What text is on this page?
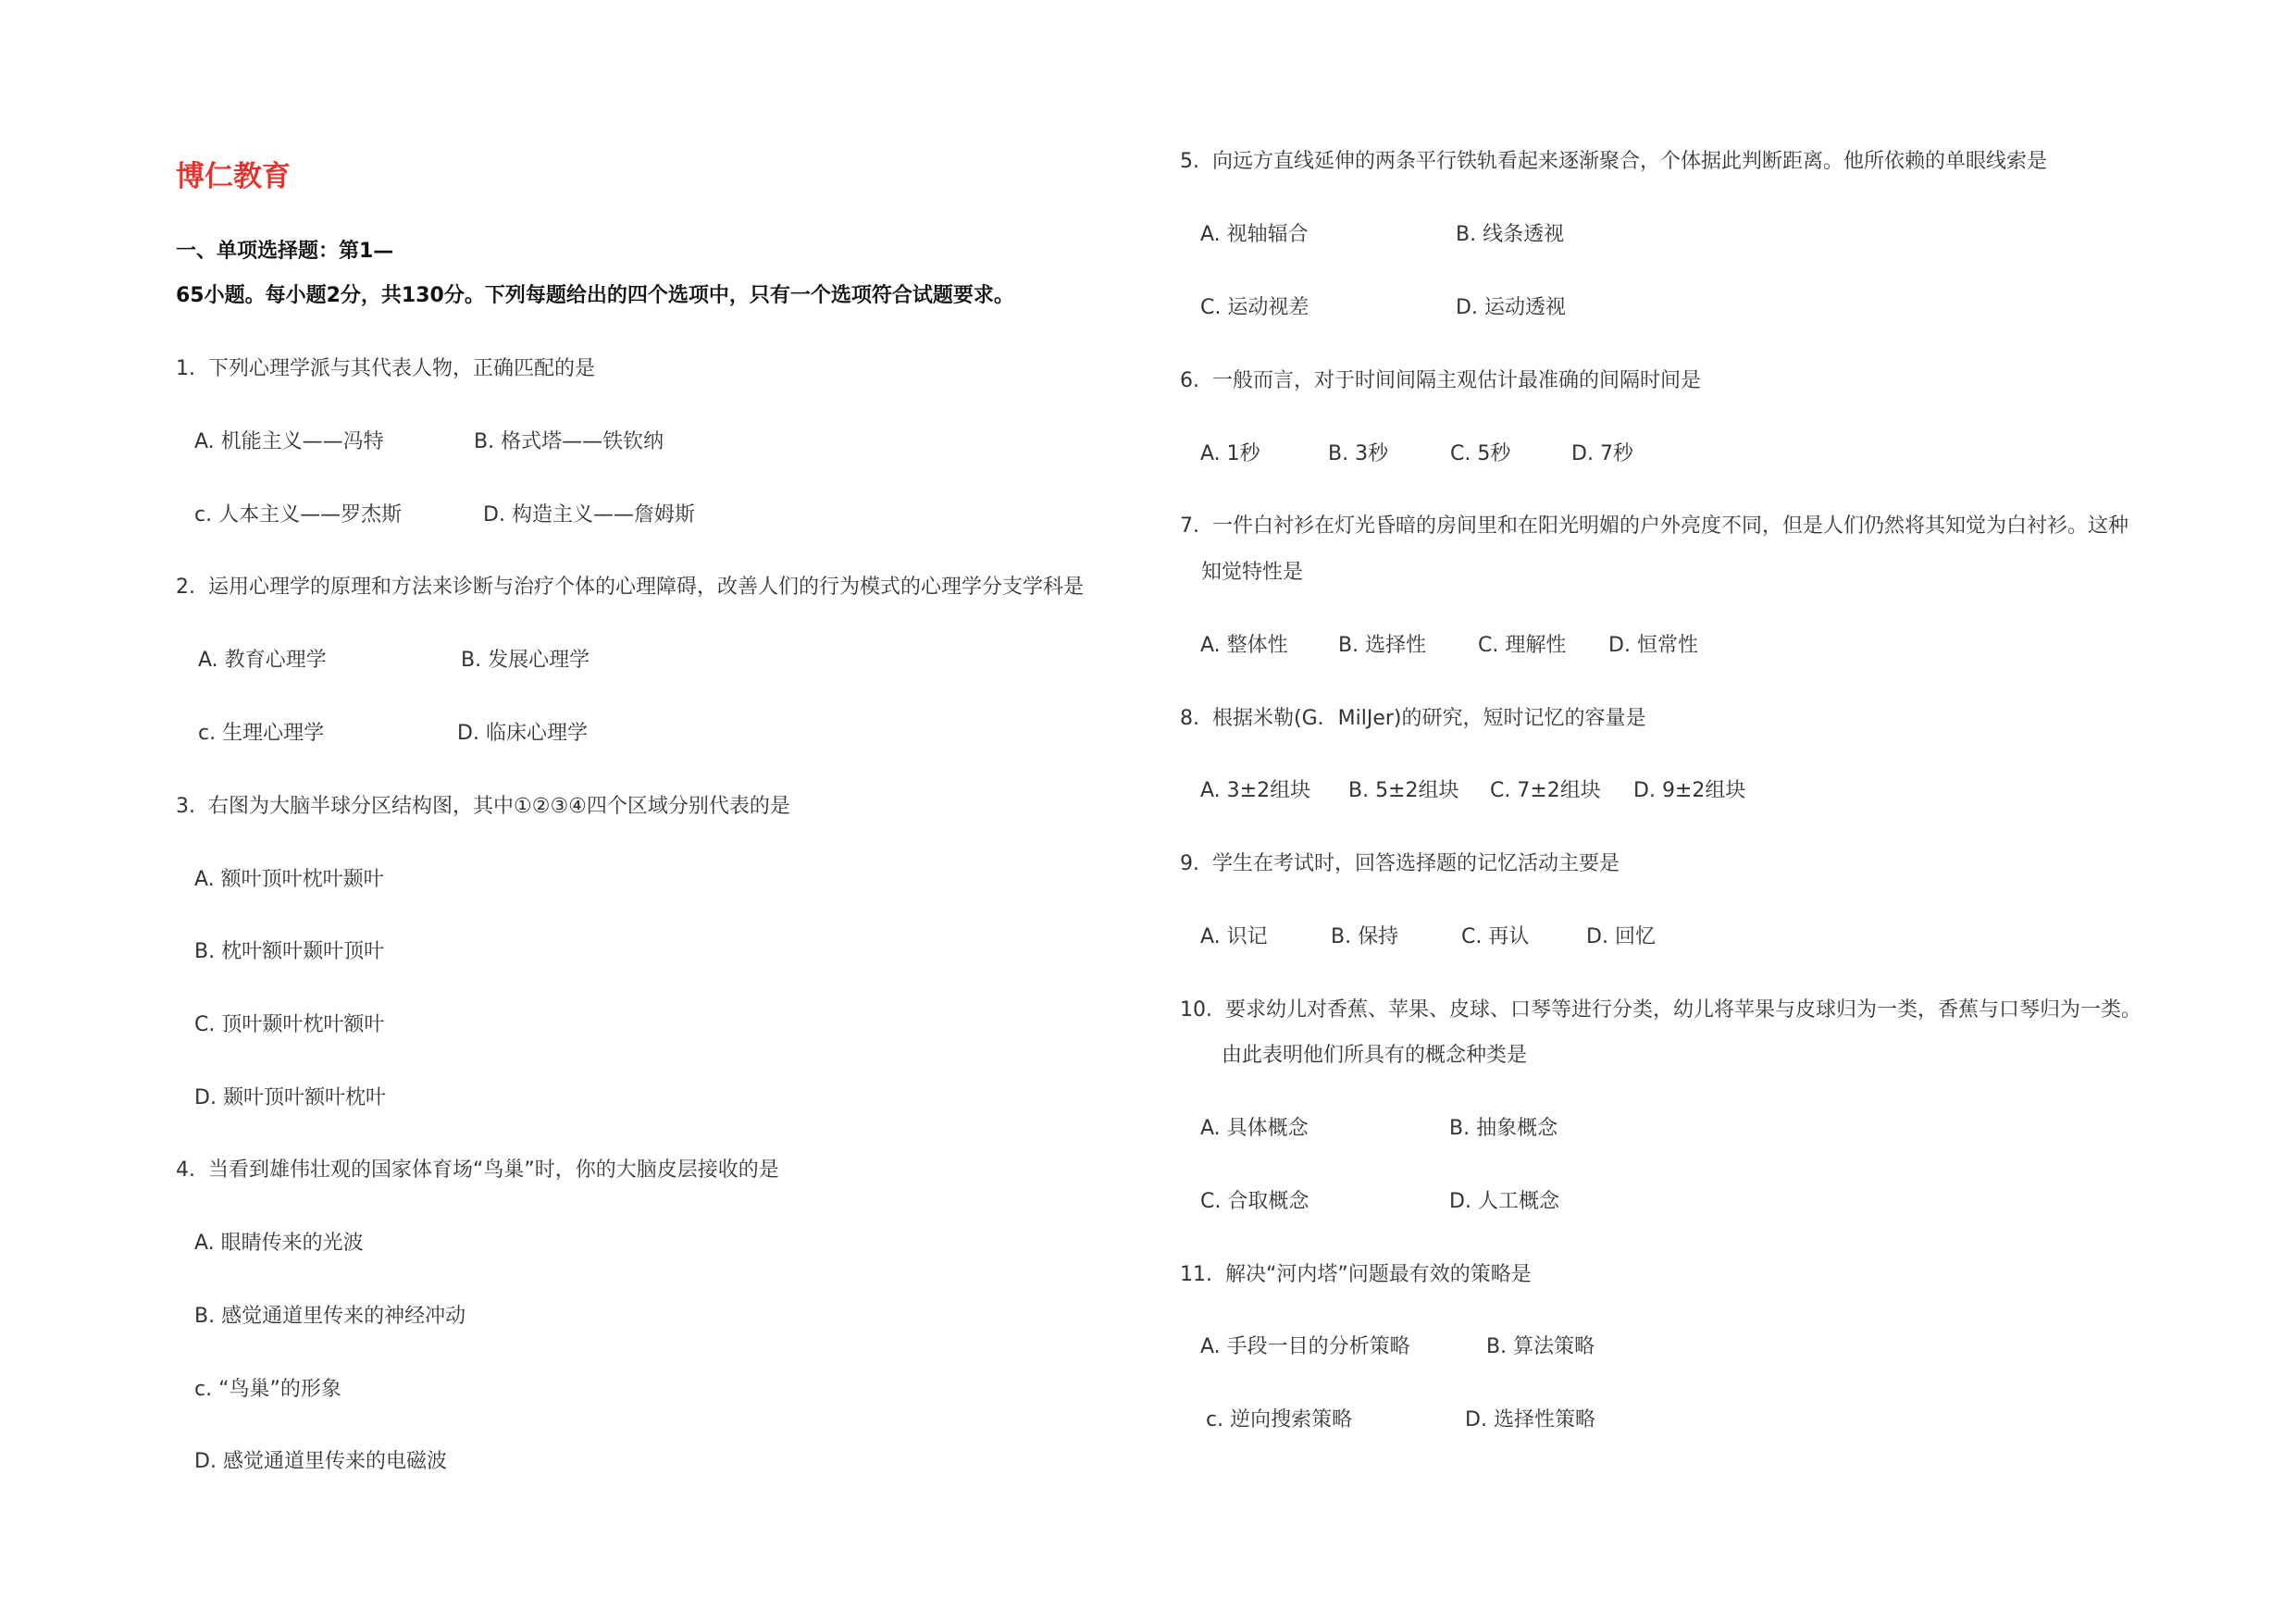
博仁教育
一、单项选择题：第1—
65小题。每小题2分，共130分。下列每题给出的四个选项中，只有一个选项符合试题要求。
1. 下列心理学派与其代表人物，正确匹配的是
A. 机能主义——冯特	B. 格式塔——铁钦纳
c. 人本主义——罗杰斯	D. 构造主义——詹姆斯
2. 运用心理学的原理和方法来诊断与治疗个体的心理障碍，改善人们的行为模式的心理学分支学科是
A. 教育心理学	B. 发展心理学
c. 生理心理学	D. 临床心理学
3. 右图为大脑半球分区结构图，其中①②③④四个区域分别代表的是
A. 额叶顶叶枕叶颞叶
B. 枕叶额叶颞叶顶叶
C. 顶叶颞叶枕叶额叶
D. 颞叶顶叶额叶枕叶
4. 当看到雄伟壮观的国家体育场“鸟巢”时，你的大脑皮层接收的是
A. 眼睛传来的光波
B. 感觉通道里传来的神经冲动
c. “鸟巢”的形象
D. 感觉通道里传来的电磁波
5. 向远方直线延伸的两条平行铁轨看起来逐渐聚合，个体据此判断距离。他所依赖的单眼线索是
A. 视轴辐合	B. 线条透视
C. 运动视差	D. 运动透视
6. 一般而言，对于时间间隔主观估计最准确的间隔时间是
A. 1秒	B. 3秒	C. 5秒	D. 7秒
7. 一件白衬衫在灯光昏暗的房间里和在阳光明媚的户外亮度不同，但是人们仍然将其知觉为白衬衫。这种
知觉特性是
A. 整体性 B. 选择性	C. 理解性 D. 恒常性
8. 根据米勒(G．MilJer)的研究，短时记忆的容量是
A. 3±2组块 B. 5±2组块 C. 7±2组块 D. 9±2组块
9. 学生在考试时，回答选择题的记忆活动主要是
A. 识记	B. 保持	C. 再认	D. 回忆
10. 要求幼儿对香蕉、苹果、皮球、口琴等进行分类，幼儿将苹果与皮球归为一类，香蕉与口琴归为一类。
由此表明他们所具有的概念种类是
A. 具体概念	B. 抽象概念
C. 合取概念	D. 人工概念
11. 解决“河内塔”问题最有效的策略是
A. 手段一目的分析策略	B. 算法策略
c. 逆向搜索策略	D. 选择性策略
